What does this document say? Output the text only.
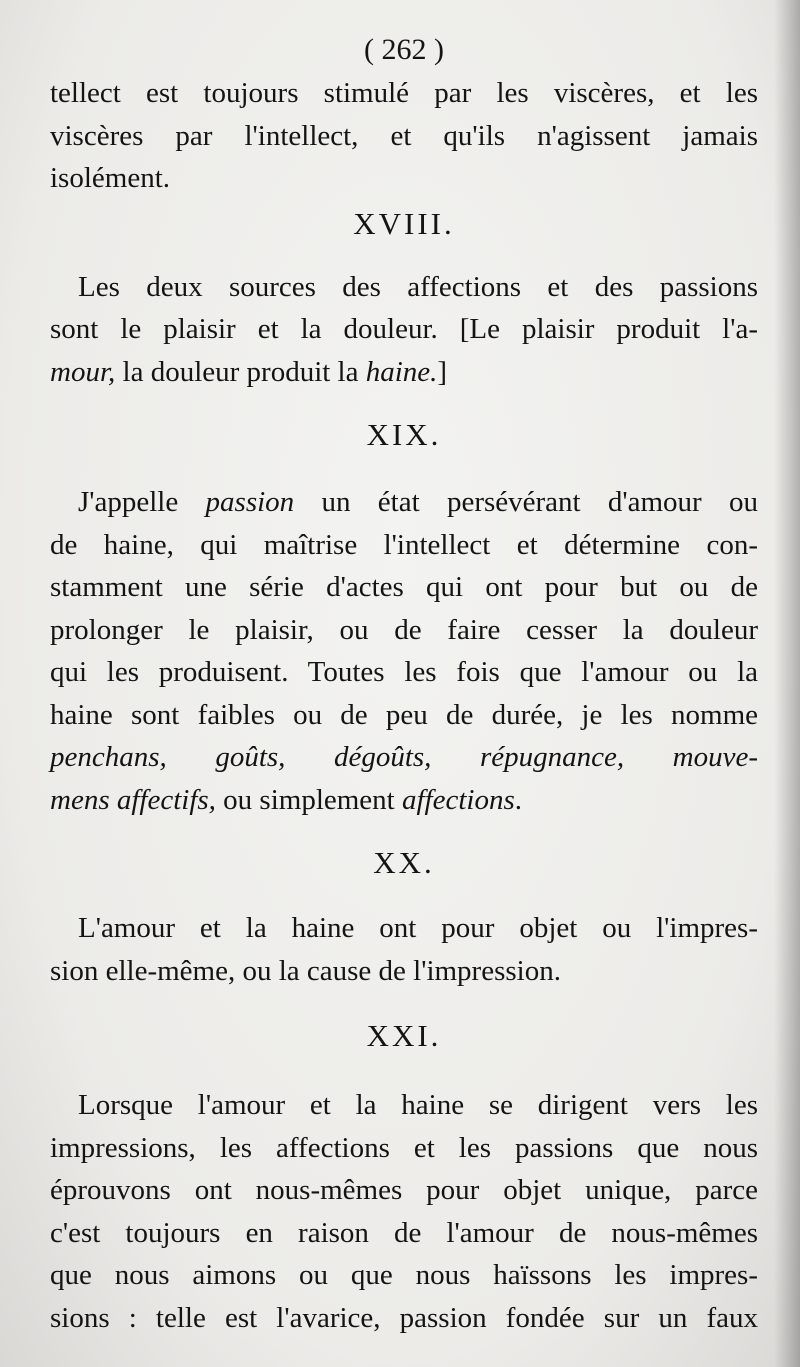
( 262 )

tellect est toujours stimulé par les viscères, et les
viscères par l'intellect, et qu'ils n'agissent jamais
isolément.

XVIII.

Les deux sources des affections et des passions
sont le plaisir et la douleur. [Le plaisir produit l'a-
mour, la douleur produit la haine.]

XIX.

J'appelle passion un état persévérant d'amour ou
de haine, qui maîtrise l'intellect et détermine con-
stamment une série d'actes qui ont pour but ou de
prolonger le plaisir, ou de faire cesser la douleur
qui les produisent. Toutes les fois que l'amour ou la
haine sont faibles ou de peu de durée, je les nomme
penchans, goûts, dégoûts, répugnance, mouve-
mens affectifs, ou simplement affections.

XX.

L'amour et la haine ont pour objet ou l'impres-
sion elle-même, ou la cause de l'impression.

XXI.

Lorsque l'amour et la haine se dirigent vers les
impressions, les affections et les passions que nous
éprouvons ont nous-mêmes pour objet unique, parce
c'est toujours en raison de l'amour de nous-mêmes
que nous aimons ou que nous haïssons les impres-
sions : telle est l'avarice, passion fondée sur un faux
